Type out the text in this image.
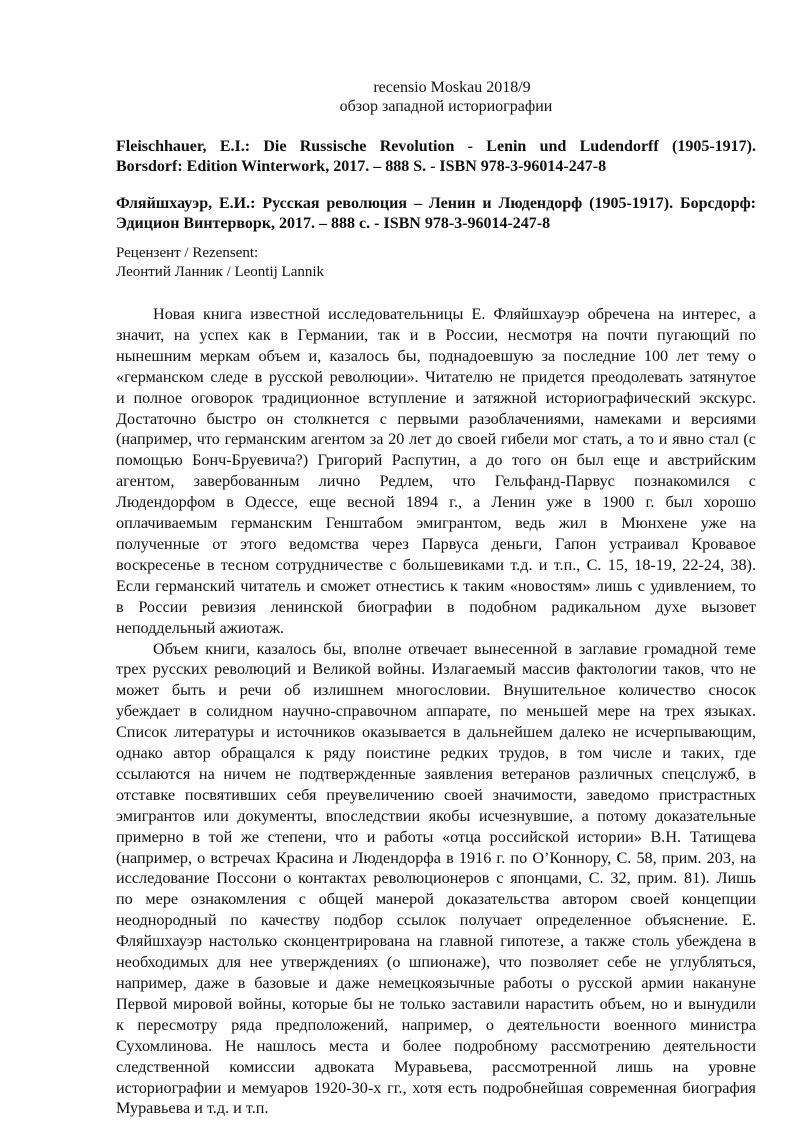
recensio Moskau 2018/9
обзор западной историографии
Fleischhauer, E.I.: Die Russische Revolution - Lenin und Ludendorff (1905-1917).
Borsdorf: Edition Winterwork, 2017. – 888 S. - ISBN 978-3-96014-247-8
Фляйшхауэр, Е.И.: Русская революция – Ленин и Людендорф (1905-1917). Борсдорф:
Эдицион Винтерворк, 2017. – 888 с. - ISBN 978-3-96014-247-8
Рецензент / Rezensent:
Леонтий Ланник / Leontij Lannik
Новая книга известной исследовательницы Е. Фляйшхауэр обречена на интерес, а
значит, на успех как в Германии, так и в России, несмотря на почти пугающий по
нынешним меркам объем и, казалось бы, поднадоевшую за последние 100 лет тему о
«германском следе в русской революции». Читателю не придется преодолевать затянутое
и полное оговорок традиционное вступление и затяжной историографический экскурс.
Достаточно быстро он столкнется с первыми разоблачениями, намеками и версиями
(например, что германским агентом за 20 лет до своей гибели мог стать, а то и явно стал (с
помощью Бонч-Бруевича?) Григорий Распутин, а до того он был еще и австрийским
агентом, завербованным лично Редлем, что Гельфанд-Парвус познакомился с
Людендорфом в Одессе, еще весной 1894 г., а Ленин уже в 1900 г. был хорошо
оплачиваемым германским Генштабом эмигрантом, ведь жил в Мюнхене уже на
полученные от этого ведомства через Парвуса деньги, Гапон устраивал Кровавое
воскресенье в тесном сотрудничестве с большевиками т.д. и т.п., С. 15, 18-19, 22-24, 38).
Если германский читатель и сможет отнестись к таким «новостям» лишь с удивлением, то
в России ревизия ленинской биографии в подобном радикальном духе вызовет
неподдельный ажиотаж.
Объем книги, казалось бы, вполне отвечает вынесенной в заглавие громадной теме
трех русских революций и Великой войны. Излагаемый массив фактологии таков, что не
может быть и речи об излишнем многословии. Внушительное количество сносок
убеждает в солидном научно-справочном аппарате, по меньшей мере на трех языках.
Список литературы и источников оказывается в дальнейшем далеко не исчерпывающим,
однако автор обращался к ряду поистине редких трудов, в том числе и таких, где
ссылаются на ничем не подтвержденные заявления ветеранов различных спецслужб, в
отставке посвятивших себя преувеличению своей значимости, заведомо пристрастных
эмигрантов или документы, впоследствии якобы исчезнувшие, а потому доказательные
примерно в той же степени, что и работы «отца российской истории» В.Н. Татищева
(например, о встречах Красина и Людендорфа в 1916 г. по О’Коннору, С. 58, прим. 203, на
исследование Поссони о контактах революционеров с японцами, С. 32, прим. 81). Лишь
по мере ознакомления с общей манерой доказательства автором своей концепции
неоднородный по качеству подбор ссылок получает определенное объяснение. Е.
Фляйшхауэр настолько сконцентрирована на главной гипотезе, а также столь убеждена в
необходимых для нее утверждениях (о шпионаже), что позволяет себе не углубляться,
например, даже в базовые и даже немецкоязычные работы о русской армии накануне
Первой мировой войны, которые бы не только заставили нарастить объем, но и вынудили
к пересмотру ряда предположений, например, о деятельности военного министра
Сухомлинова. Не нашлось места и более подробному рассмотрению деятельности
следственной комиссии адвоката Муравьева, рассмотренной лишь на уровне
историографии и мемуаров 1920-30-х гг., хотя есть подробнейшая современная биография
Муравьева и т.д. и т.п.
